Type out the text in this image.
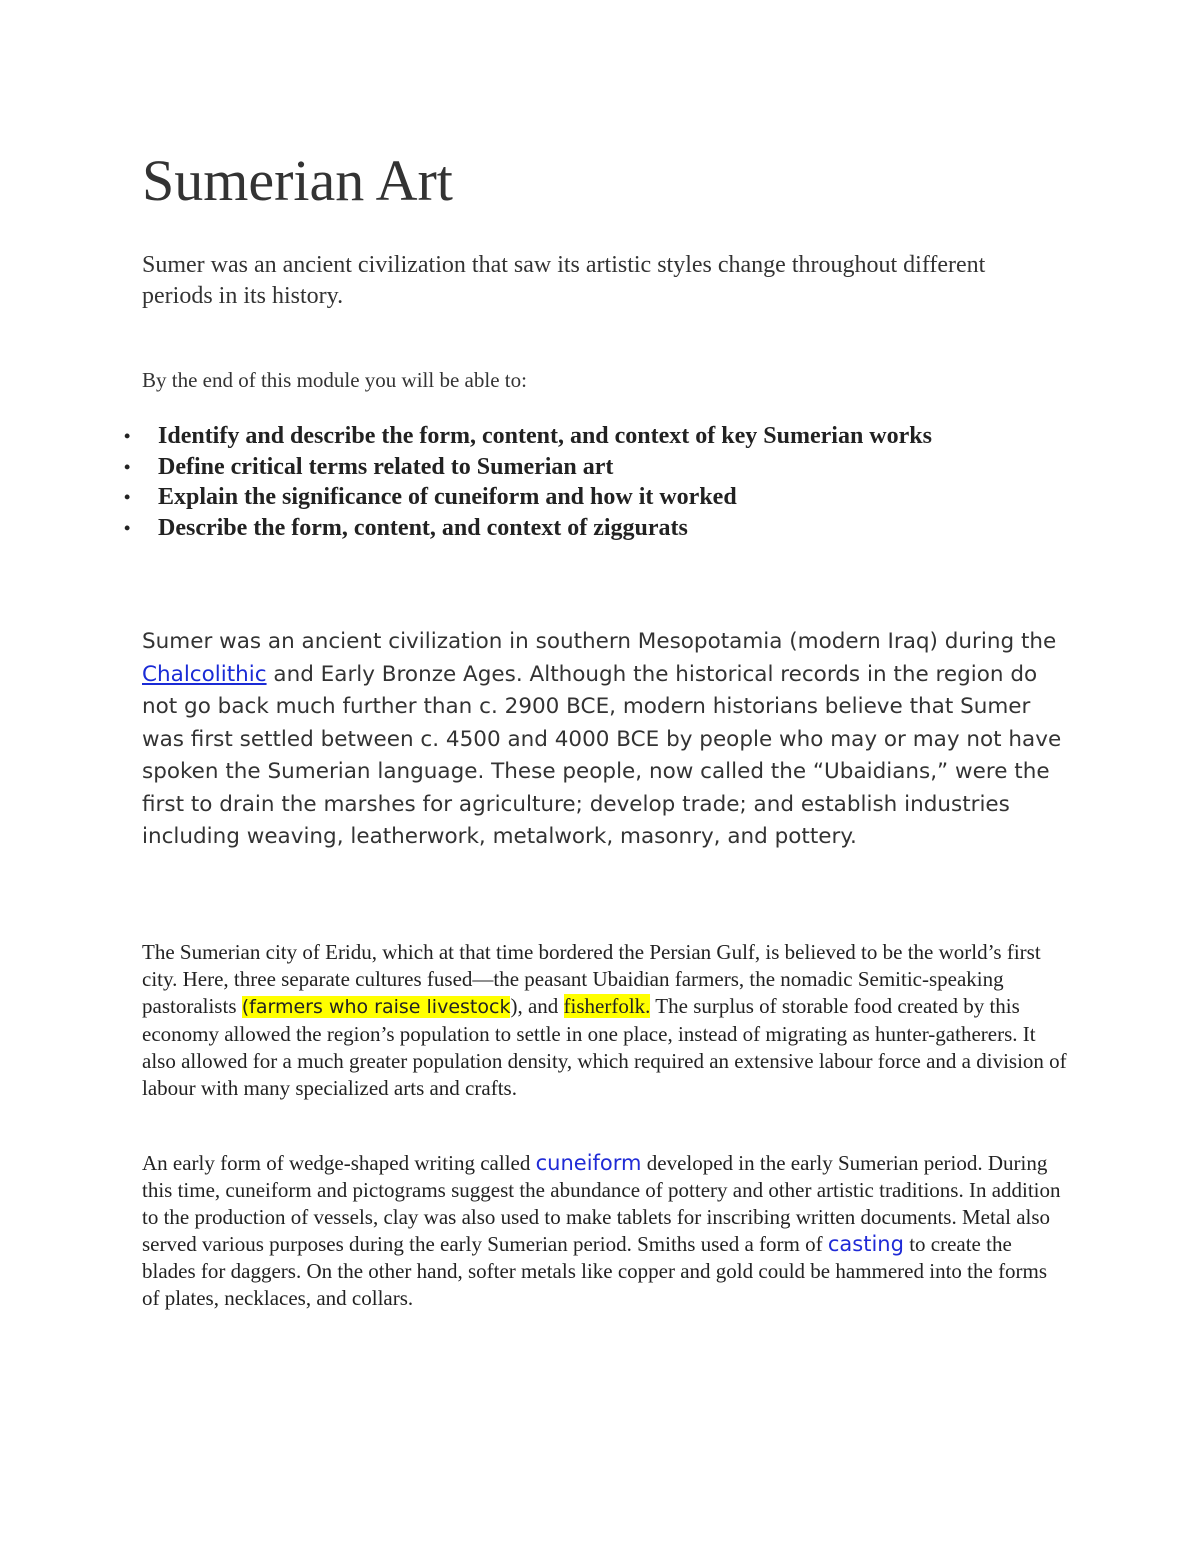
Sumerian Art

Sumer was an ancient civilization that saw its artistic styles change throughout different periods in its history.

By the end of this module you will be able to:

• Identify and describe the form, content, and context of key Sumerian works
• Define critical terms related to Sumerian art
• Explain the significance of cuneiform and how it worked
• Describe the form, content, and context of ziggurats

Sumer was an ancient civilization in southern Mesopotamia (modern Iraq) during the Chalcolithic and Early Bronze Ages. Although the historical records in the region do not go back much further than c. 2900 BCE, modern historians believe that Sumer was first settled between c. 4500 and 4000 BCE by people who may or may not have spoken the Sumerian language. These people, now called the “Ubaidians,” were the first to drain the marshes for agriculture; develop trade; and establish industries including weaving, leatherwork, metalwork, masonry, and pottery.

The Sumerian city of Eridu, which at that time bordered the Persian Gulf, is believed to be the world’s first city. Here, three separate cultures fused—the peasant Ubaidian farmers, the nomadic Semitic-speaking pastoralists (farmers who raise livestock), and fisherfolk. The surplus of storable food created by this economy allowed the region’s population to settle in one place, instead of migrating as hunter-gatherers. It also allowed for a much greater population density, which required an extensive labour force and a division of labour with many specialized arts and crafts.

An early form of wedge-shaped writing called cuneiform developed in the early Sumerian period. During this time, cuneiform and pictograms suggest the abundance of pottery and other artistic traditions. In addition to the production of vessels, clay was also used to make tablets for inscribing written documents. Metal also served various purposes during the early Sumerian period. Smiths used a form of casting to create the blades for daggers. On the other hand, softer metals like copper and gold could be hammered into the forms of plates, necklaces, and collars.
